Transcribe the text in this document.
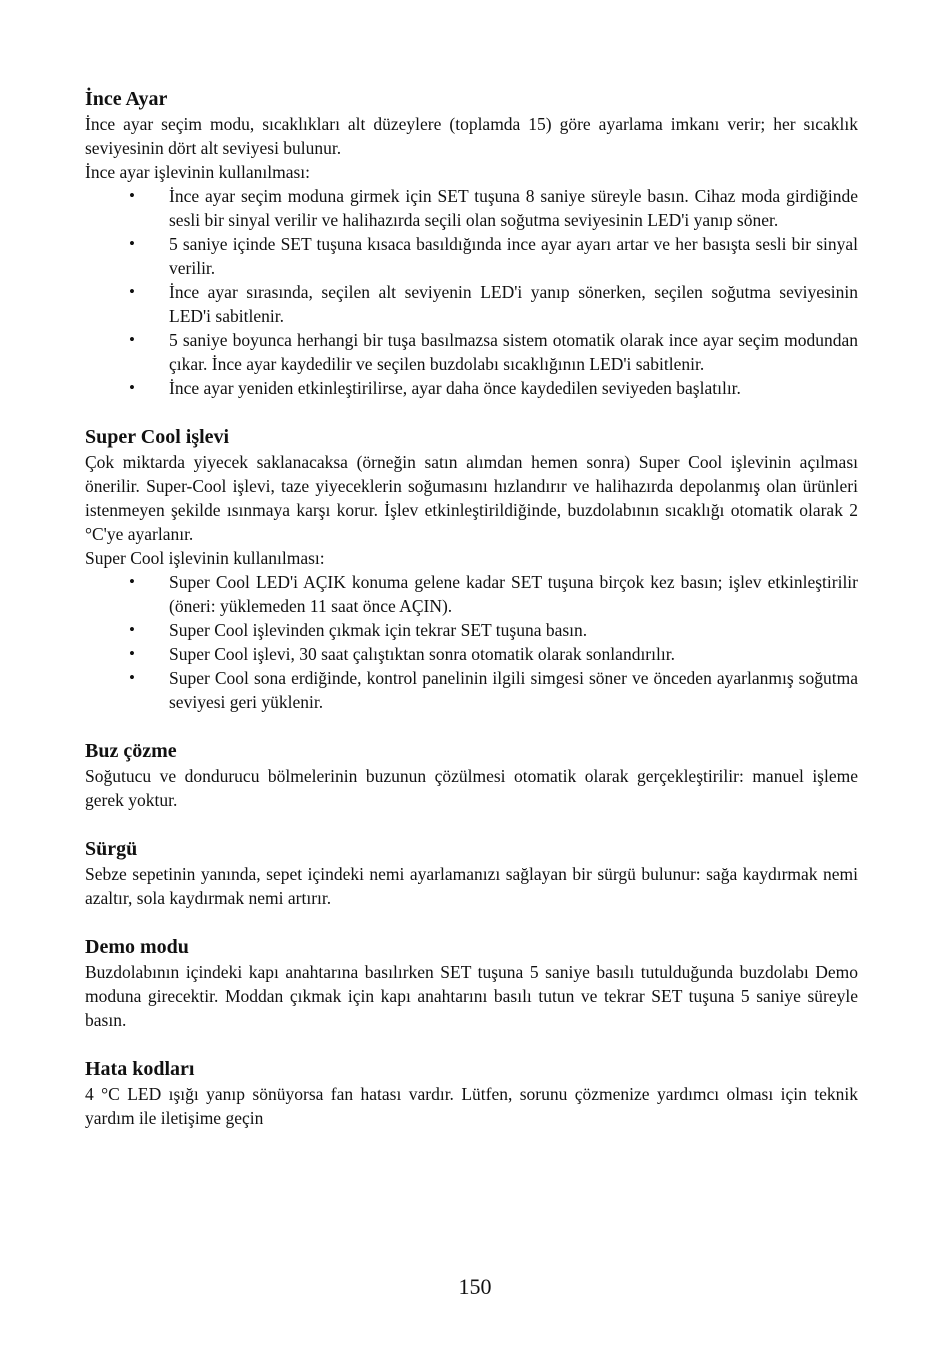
İnce Ayar

İnce ayar seçim modu, sıcaklıkları alt düzeylere (toplamda 15) göre ayarlama imkanı verir; her sıcaklık seviyesinin dört alt seviyesi bulunur.

İnce ayar işlevinin kullanılması:

• İnce ayar seçim moduna girmek için SET tuşuna 8 saniye süreyle basın. Cihaz moda girdiğinde sesli bir sinyal verilir ve halihazırda seçili olan soğutma seviyesinin LED'i yanıp söner.
• 5 saniye içinde SET tuşuna kısaca basıldığında ince ayar ayarı artar ve her basışta sesli bir sinyal verilir.
• İnce ayar sırasında, seçilen alt seviyenin LED'i yanıp sönerken, seçilen soğutma seviyesinin LED'i sabitlenir.
• 5 saniye boyunca herhangi bir tuşa basılmazsa sistem otomatik olarak ince ayar seçim modundan çıkar. İnce ayar kaydedilir ve seçilen buzdolabı sıcaklığının LED'i sabitlenir.
• İnce ayar yeniden etkinleştirilirse, ayar daha önce kaydedilen seviyeden başlatılır.
Super Cool işlevi

Çok miktarda yiyecek saklanacaksa (örneğin satın alımdan hemen sonra) Super Cool işlevinin açılması önerilir. Super-Cool işlevi, taze yiyeceklerin soğumasını hızlandırır ve halihazırda depolanmış olan ürünleri istenmeyen şekilde ısınmaya karşı korur. İşlev etkinleştirildiğinde, buzdolabının sıcaklığı otomatik olarak 2 °C'ye ayarlanır.

Super Cool işlevinin kullanılması:

• Super Cool LED'i AÇIK konuma gelene kadar SET tuşuna birçok kez basın; işlev etkinleştirilir (öneri: yüklemeden 11 saat önce AÇIN).
• Super Cool işlevinden çıkmak için tekrar SET tuşuna basın.
• Super Cool işlevi, 30 saat çalıştıktan sonra otomatik olarak sonlandırılır.
• Super Cool sona erdiğinde, kontrol panelinin ilgili simgesi söner ve önceden ayarlanmış soğutma seviyesi geri yüklenir.
Buz çözme

Soğutucu ve dondurucu bölmelerinin buzunun çözülmesi otomatik olarak gerçekleştirilir: manuel işleme gerek yoktur.

Sürgü

Sebze sepetinin yanında, sepet içindeki nemi ayarlamanızı sağlayan bir sürgü bulunur: sağa kaydırmak nemi azaltır, sola kaydırmak nemi artırır.

Demo modu

Buzdolabının içindeki kapı anahtarına basılırken SET tuşuna 5 saniye basılı tutulduğunda buzdolabı Demo moduna girecektir. Moddan çıkmak için kapı anahtarını basılı tutun ve tekrar SET tuşuna 5 saniye süreyle basın.

Hata kodları

4 °C LED ışığı yanıp sönüyorsa fan hatası vardır. Lütfen, sorunu çözmenize yardımcı olması için teknik yardım ile iletişime geçin

150
